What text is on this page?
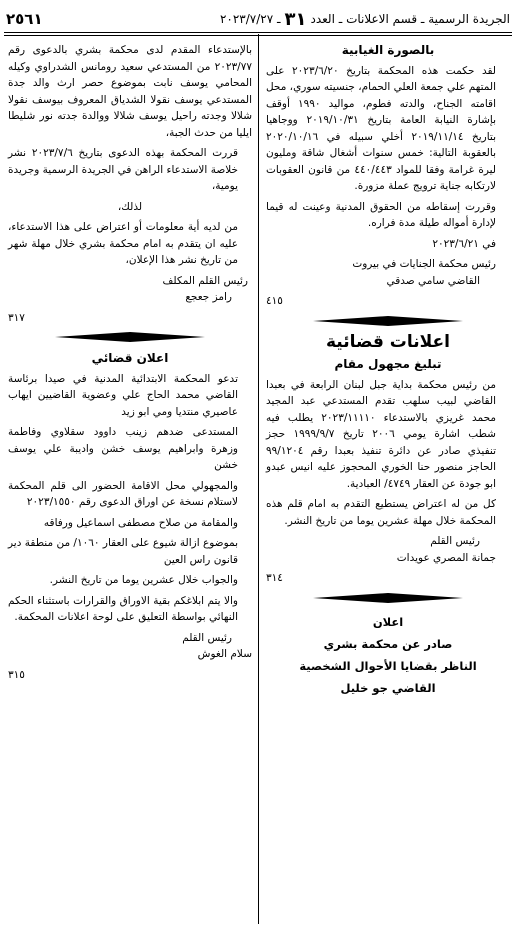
الجريدة الرسمية ـ قسم الاعلانات ـ العدد
٣١
ـ ٢٠٢٣/٧/٢٧
٢٥٦١

بالصورة الغيابية

لقد حكمت هذه المحكمة بتاريخ ٢٠٢٣/٦/٢٠ على المتهم علي جمعة العلي الحمام، جنسيته سوري، محل اقامته الجناح، والدته فطوم، مواليد ١٩٩٠ أوقف بإشارة النيابة العامة بتاريخ ٢٠١٩/١٠/٣١ ووجاهيا بتاريخ ٢٠١٩/١١/١٤ أخلي سبيله في ٢٠٢٠/١٠/١٦ بالعقوبة التالية: خمس سنوات أشغال شاقة ومليون ليرة غرامة وفقا للمواد ٤٤٠/٤٤٣ من قانون العقوبات لارتكابه جناية ترويج عملة مزورة.

وقررت إسقاطه من الحقوق المدنية وعينت له قيما لإدارة أمواله طيلة مدة فراره.

في ٢٠٢٣/٦/٢١

رئيس محكمة الجنايات في بيروت

القاضي سامي صدقي

٤١٥

اعلانات قضائية
تبليغ مجهول مقام

من رئيس محكمة بداية جبل لبنان الرابعة في بعبدا القاضي لبيب سلهب تقدم المستدعي عبد المجيد محمد غريزي بالاستدعاء ٢٠٢٣/١١١١٠ يطلب فيه شطب اشارة يومي ٢٠٠٦ تاريخ ١٩٩٩/٩/٧ حجز تنفيذي صادر عن دائرة تنفيذ بعبدا رقم ٩٩/١٢٠٤ الحاجز منصور حنا الخوري المحجوز عليه انيس عبدو ابو جودة عن العقار ٤٧٤٩/ العبادية.

كل من له اعتراض يستطيع التقدم به امام قلم هذه المحكمة خلال مهلة عشرين يوما من تاريخ النشر.

رئيس القلم

جمانة المصري عويدات

٣١٤

اعلان

صادر عن محكمة بشري

الناظر بقضايا الأحوال الشخصية

القاضي جو خليل

بالإستدعاء المقدم لدى محكمة بشري بالدعوى رقم ٢٠٢٣/٧٧ من المستدعي سعيد رومانس الشدراوي وكيله المحامي يوسف نابت بموضوع حصر ارث والد جدة المستدعي يوسف نقولا الشدياق المعروف بيوسف نقولا شلالا وجدته راحيل يوسف شلالا ووالدة جدته نور شليطا ايليا من حدث الجبة،

قررت المحكمة بهذه الدعوى بتاريخ ٢٠٢٣/٧/٦ نشر خلاصة الاستدعاء الراهن في الجريدة الرسمية وجريدة يومية،

لذلك،

من لديه أية معلومات أو اعتراض على هذا الاستدعاء، عليه ان يتقدم به امام محكمة بشري خلال مهلة شهر من تاريخ نشر هذا الإعلان،

رئيس القلم المكلف

رامز جعجع

٣١٧

اعلان قضائي

تدعو المحكمة الابتدائية المدنية في صيدا برئاسة القاضي محمد الحاج علي وعضوية القاضيين ايهاب عاصيري منتديا ومي ابو زيد

المستدعى ضدهم زينب داوود سقلاوي وفاطمة وزهرة وابراهيم يوسف خشن واديبة علي يوسف خشن

والمجهولي محل الاقامة الحضور الى قلم المحكمة لاستلام نسخة عن اوراق الدعوى رقم ٢٠٢٣/١٥٥٠

والمقامة من صلاح مصطفى اسماعيل ورفاقه

بموضوع ازالة شيوع على العقار ١٠٦٠/ من منطقة دير قانون راس العين

والجواب خلال عشرين يوما من تاريخ النشر.

والا يتم ابلاغكم بقية الاوراق والقرارات باستثناء الحكم النهائي بواسطة التعليق على لوحة اعلانات المحكمة.

رئيس القلم

سلام الغوش

٣١٥
